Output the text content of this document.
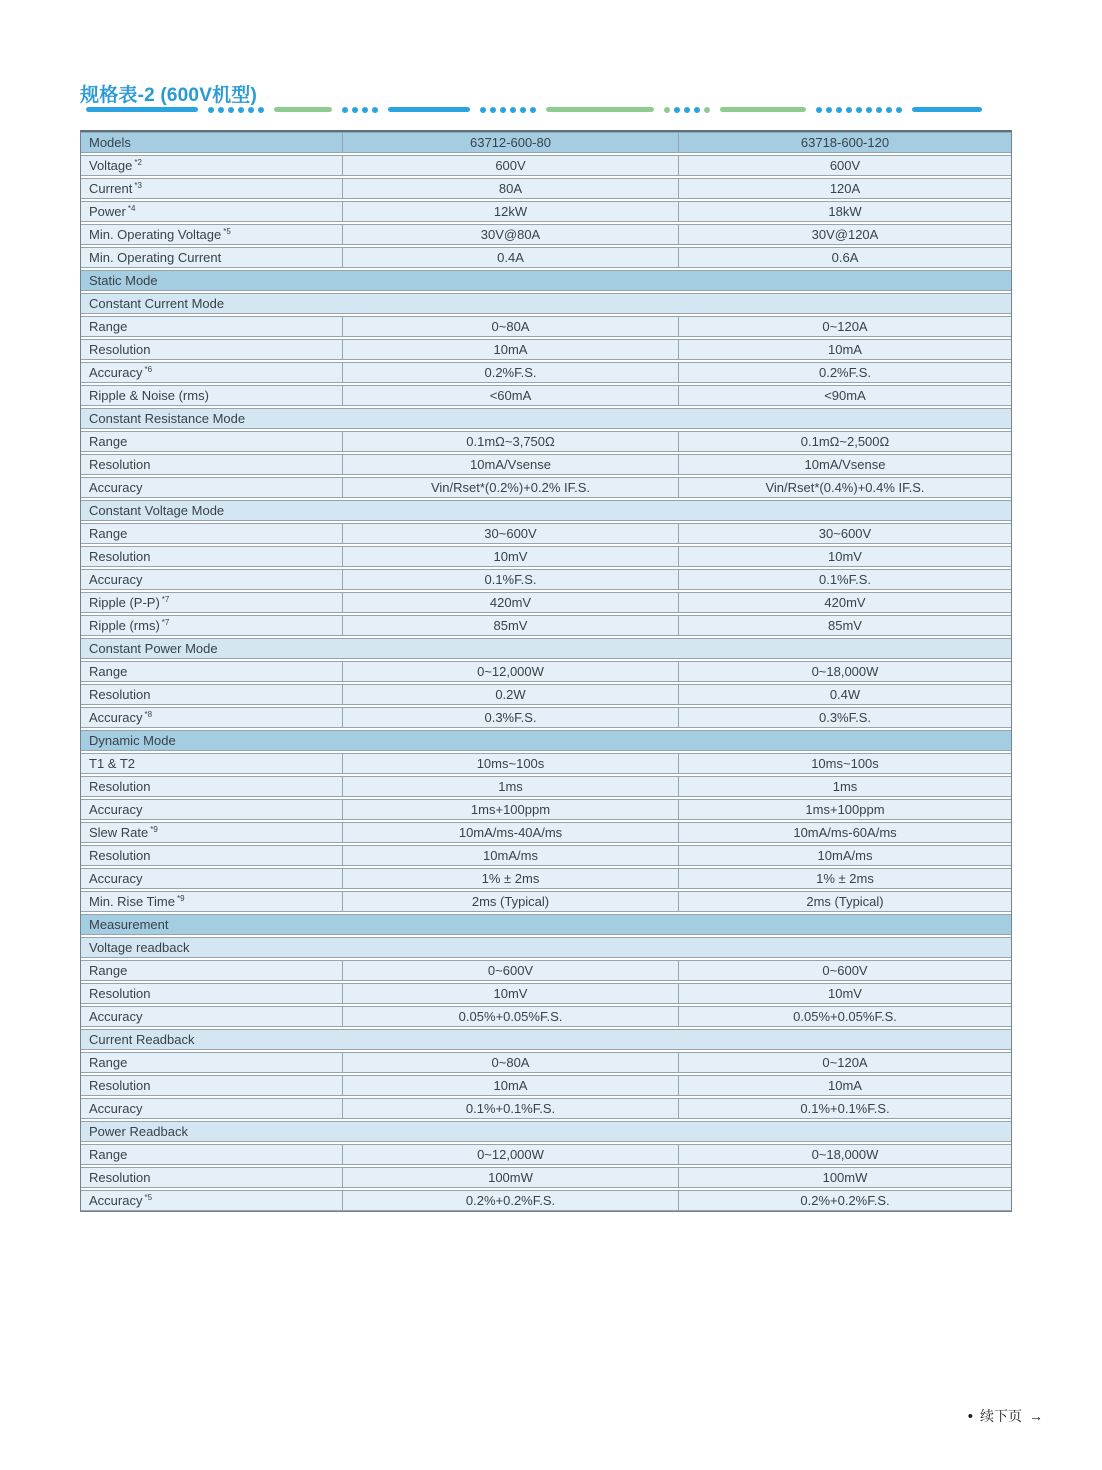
规格表-2 (600V机型)
Models	63712-600-80	63718-600-120
Voltage $^{*2}$	600V	600V
Current $^{*3}$	80A	120A
Power $^{*4}$	12kW	18kW
Min. Operating Voltage $^{*5}$	30V@80A	30V@120A
Min. Operating Current	0.4A	0.6A
Static Mode
Constant Current Mode
Range	0~80A	0~120A
Resolution	10mA	10mA
Accuracy $^{*6}$	0.2%F.S.	0.2%F.S.
Ripple & Noise (rms)	<60mA	<90mA
Constant Resistance Mode
Range	0.1mΩ~3,750Ω	0.1mΩ~2,500Ω
Resolution	10mA/Vsense	10mA/Vsense
Accuracy	Vin/Rset*(0.2%)+0.2% IF.S.	Vin/Rset*(0.4%)+0.4% IF.S.
Constant Voltage Mode
Range	30~600V	30~600V
Resolution	10mV	10mV
Accuracy	0.1%F.S.	0.1%F.S.
Ripple (P-P) $^{*7}$	420mV	420mV
Ripple (rms) $^{*7}$	85mV	85mV
Constant Power Mode
Range	0~12,000W	0~18,000W
Resolution	0.2W	0.4W
Accuracy $^{*8}$	0.3%F.S.	0.3%F.S.
Dynamic Mode
T1 & T2	10ms~100s	10ms~100s
Resolution	1ms	1ms
Accuracy	1ms+100ppm	1ms+100ppm
Slew Rate $^{*9}$	10mA/ms-40A/ms	10mA/ms-60A/ms
Resolution	10mA/ms	10mA/ms
Accuracy	1% ± 2ms	1% ± 2ms
Min. Rise Time $^{*9}$	2ms (Typical)	2ms (Typical)
Measurement
Voltage readback
Range	0~600V	0~600V
Resolution	10mV	10mV
Accuracy	0.05%+0.05%F.S.	0.05%+0.05%F.S.
Current Readback
Range	0~80A	0~120A
Resolution	10mA	10mA
Accuracy	0.1%+0.1%F.S.	0.1%+0.1%F.S.
Power Readback
Range	0~12,000W	0~18,000W
Resolution	100mW	100mW
Accuracy $^{*5}$	0.2%+0.2%F.S.	0.2%+0.2%F.S.
• 续下页 →
